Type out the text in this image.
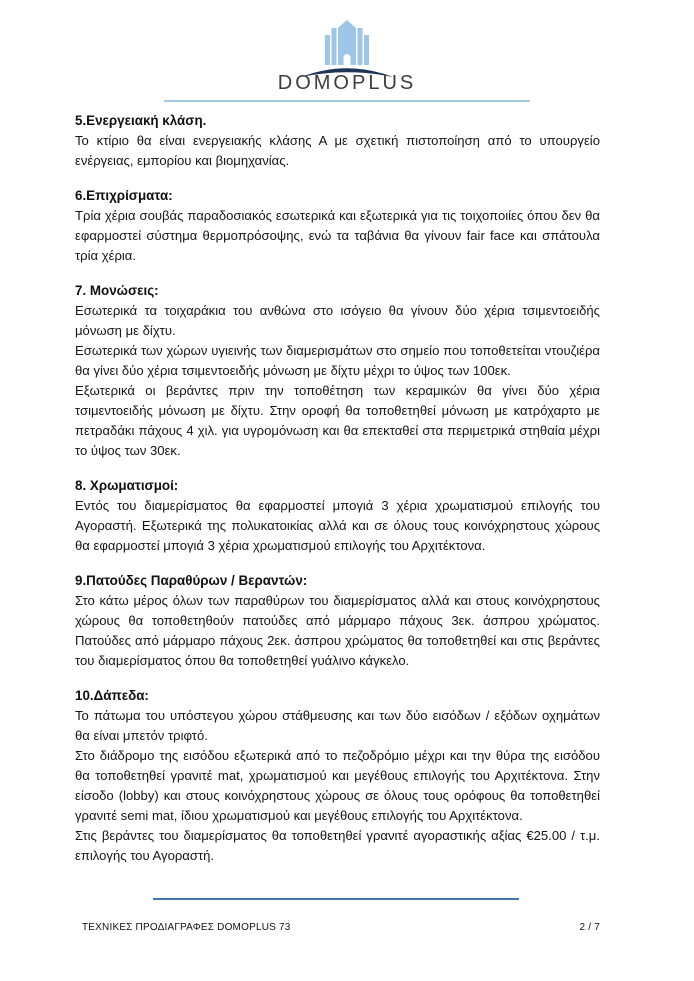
DOMOPLUS
5.Ενεργειακή κλάση.

Το κτίριο θα είναι ενεργειακής κλάσης Α με σχετική πιστοποίηση από το υπουργείο ενέργειας, εμπορίου και βιομηχανίας.

6.Επιχρίσματα:

Τρία χέρια σουβάς παραδοσιακός εσωτερικά και εξωτερικά για τις τοιχοποιίες όπου δεν θα εφαρμοστεί σύστημα θερμοπρόσοψης, ενώ τα ταβάνια θα γίνουν fair face και σπάτουλα τρία χέρια.

7. Μονώσεις:

Εσωτερικά τα τοιχαράκια του ανθώνα στο ισόγειο θα γίνουν δύο χέρια τσιμεντοειδής μόνωση με δίχτυ.

Εσωτερικά των χώρων υγιεινής των διαμερισμάτων στο σημείο που τοποθετείται ντουζιέρα θα γίνει δύο χέρια τσιμεντοειδής μόνωση με δίχτυ μέχρι το ύψος των 100εκ.

Εξωτερικά οι βεράντες πριν την τοποθέτηση των κεραμικών θα γίνει δύο χέρια τσιμεντοειδής μόνωση με δίχτυ. Στην οροφή θα τοποθετηθεί μόνωση με κατρόχαρτο με πετραδάκι πάχους 4 χιλ. για υγρομόνωση και θα επεκταθεί στα περιμετρικά στηθαία μέχρι το ύψος των 30εκ.

8. Χρωματισμοί:

Εντός του διαμερίσματος θα εφαρμοστεί μπογιά 3 χέρια χρωματισμού επιλογής του Αγοραστή. Εξωτερικά της πολυκατοικίας αλλά και σε όλους τους κοινόχρηστους χώρους θα εφαρμοστεί μπογιά 3 χέρια χρωματισμού επιλογής του Αρχιτέκτονα.

9.Πατούδες Παραθύρων / Βεραντών:

Στο κάτω μέρος όλων των παραθύρων του διαμερίσματος αλλά και στους κοινόχρηστους χώρους θα τοποθετηθούν πατούδες από μάρμαρο πάχους 3εκ. άσπρου χρώματος. Πατούδες από μάρμαρο πάχους 2εκ. άσπρου χρώματος θα τοποθετηθεί και στις βεράντες του διαμερίσματος όπου θα τοποθετηθεί γυάλινο κάγκελο.

10.Δάπεδα:

Το πάτωμα του υπόστεγου χώρου στάθμευσης και των δύο εισόδων / εξόδων οχημάτων θα είναι μπετόν τριφτό.

Στο διάδρομο της εισόδου εξωτερικά από το πεζοδρόμιο μέχρι και την θύρα της εισόδου θα τοποθετηθεί γρανιτέ mat, χρωματισμού και μεγέθους επιλογής του Αρχιτέκτονα. Στην είσοδο (lobby) και στους κοινόχρηστους χώρους σε όλους τους ορόφους θα τοποθετηθεί γρανιτέ semi mat, ίδιου χρωματισμού και μεγέθους επιλογής του Αρχιτέκτονα.

Στις βεράντες του διαμερίσματος θα τοποθετηθεί γρανιτέ αγοραστικής αξίας €25.00 / τ.μ. επιλογής του Αγοραστή.

ΤΕΧΝΙΚΕΣ ΠΡΟΔΙΑΓΡΑΦΕΣ DOMOPLUS 73	2 / 7
